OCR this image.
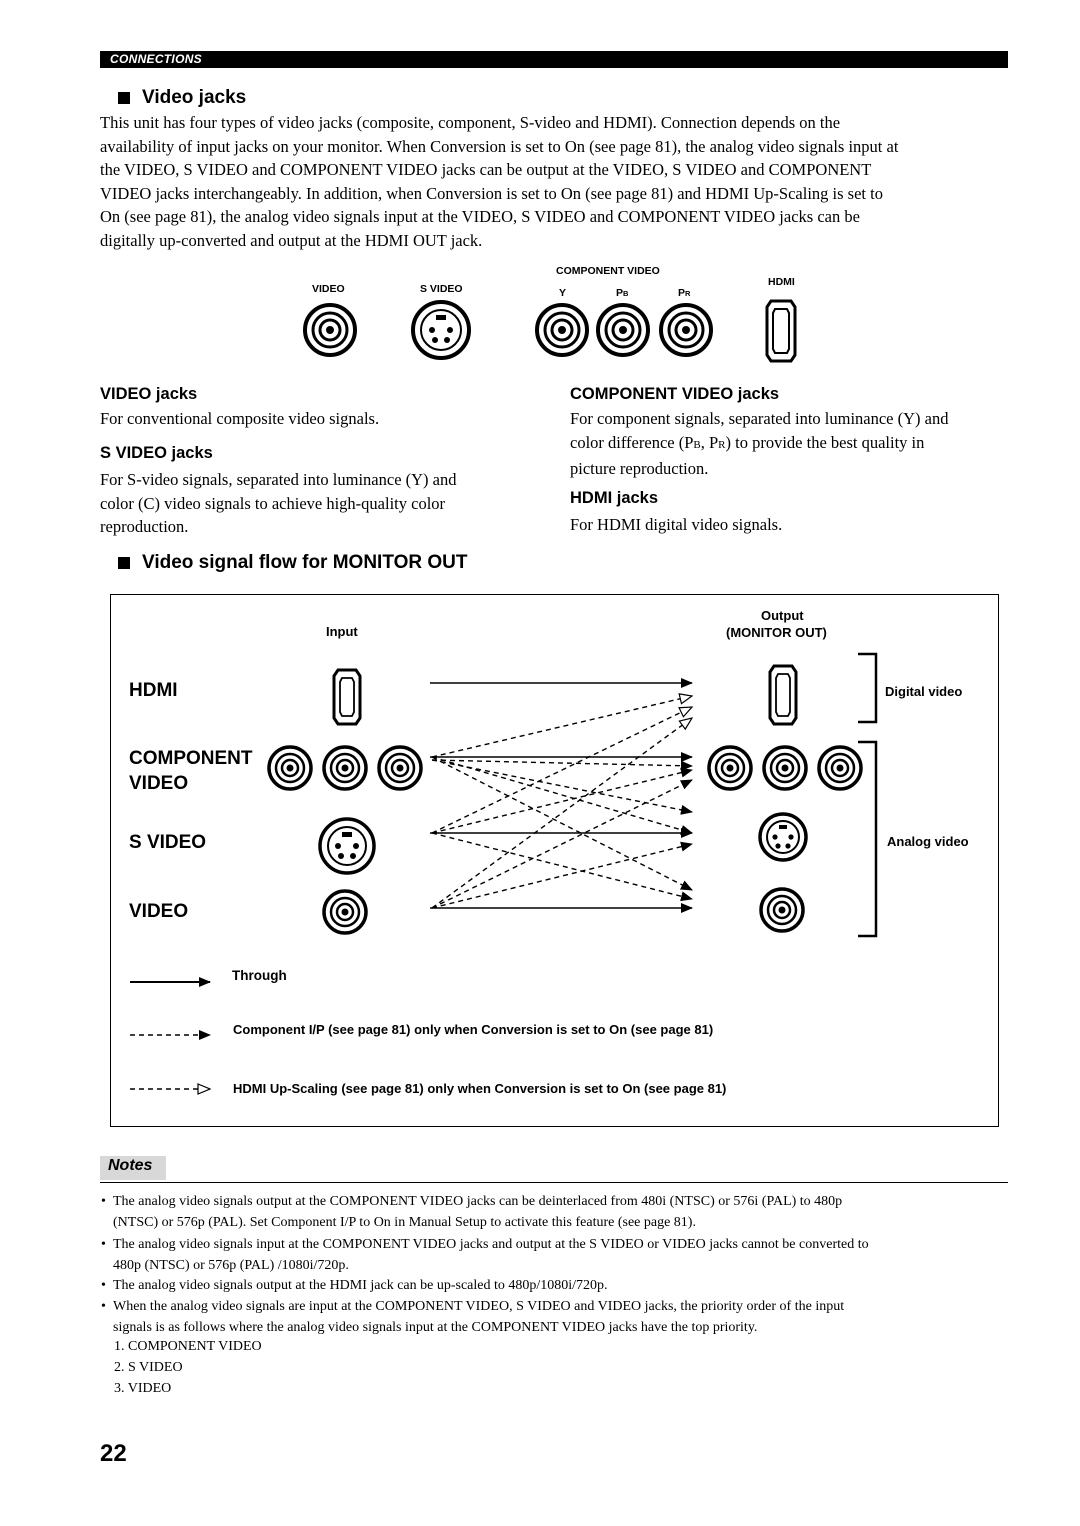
CONNECTIONS
Video jacks
This unit has four types of video jacks (composite, component, S-video and HDMI). Connection depends on the
availability of input jacks on your monitor. When Conversion is set to On (see page 81), the analog video signals input at
the VIDEO, S VIDEO and COMPONENT VIDEO jacks can be output at the VIDEO, S VIDEO and COMPONENT
VIDEO jacks interchangeably. In addition, when Conversion is set to On (see page 81) and HDMI Up-Scaling is set to
On (see page 81), the analog video signals input at the VIDEO, S VIDEO and COMPONENT VIDEO jacks can be
digitally up-converted and output at the HDMI OUT jack.
VIDEO	S VIDEO
COMPONENT VIDEO
Y	PB	PR
HDMI
VIDEO jacks
For conventional composite video signals.
S VIDEO jacks
For S-video signals, separated into luminance (Y) and
color (C) video signals to achieve high-quality color
reproduction.
COMPONENT VIDEO jacks
For component signals, separated into luminance (Y) and
color difference (PB, PR) to provide the best quality in
picture reproduction.
HDMI jacks
For HDMI digital video signals.
Video signal flow for MONITOR OUT
Input
Output
(MONITOR OUT)
HDMI
COMPONENT
VIDEO
S VIDEO
VIDEO
Digital video
Analog video
Through
Component I/P (see page 81) only when Conversion is set to On (see page 81)
HDMI Up-Scaling (see page 81) only when Conversion is set to On (see page 81)
Notes
• The analog video signals output at the COMPONENT VIDEO jacks can be deinterlaced from 480i (NTSC) or 576i (PAL) to 480p
(NTSC) or 576p (PAL). Set Component I/P to On in Manual Setup to activate this feature (see page 81).
• The analog video signals input at the COMPONENT VIDEO jacks and output at the S VIDEO or VIDEO jacks cannot be converted to
480p (NTSC) or 576p (PAL) /1080i/720p.
• The analog video signals output at the HDMI jack can be up-scaled to 480p/1080i/720p.
• When the analog video signals are input at the COMPONENT VIDEO, S VIDEO and VIDEO jacks, the priority order of the input
signals is as follows where the analog video signals input at the COMPONENT VIDEO jacks have the top priority.
1. COMPONENT VIDEO
2. S VIDEO
3. VIDEO
22
